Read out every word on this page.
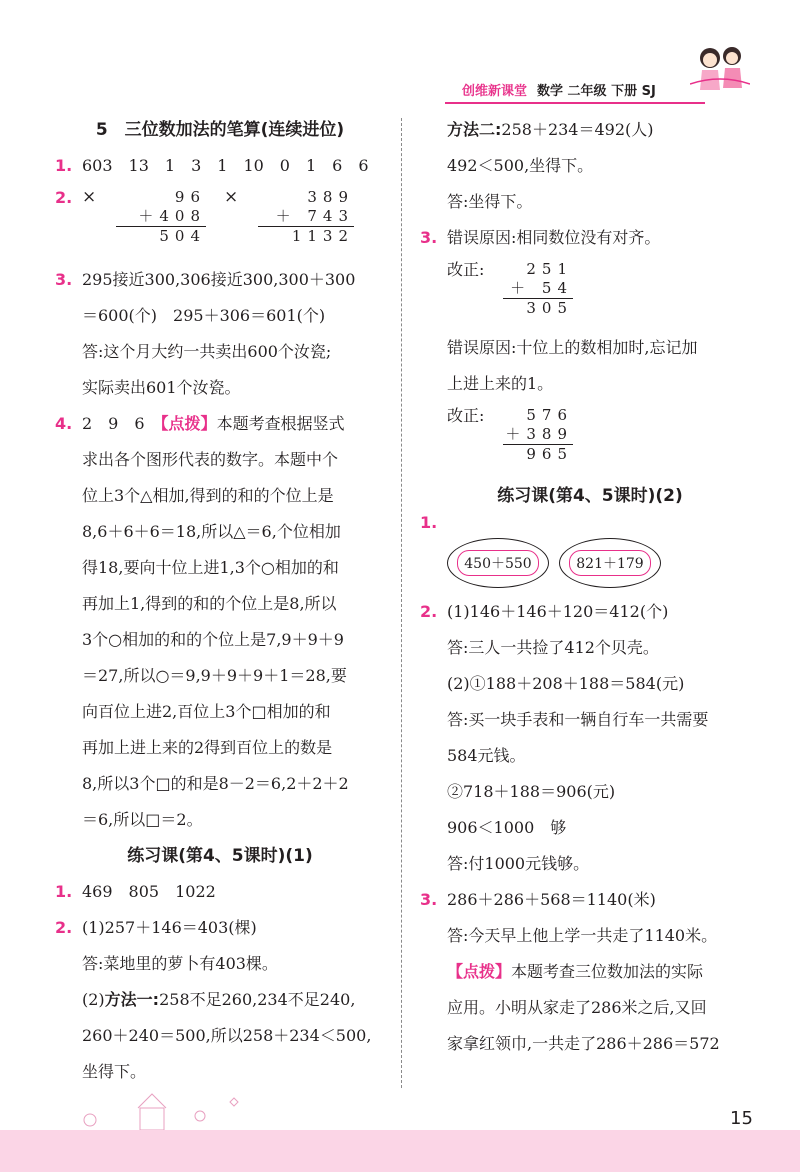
创维新课堂 数学 二年级 下册 SJ
5　三位数加法的笔算(连续进位)
1. 603　13　1　3　1　10　0　1　6　6
2. ×	96
＋408
504
×	389
＋ 743
1132
3. 295接近300,306接近300,300＋300
＝600(个)　295＋306＝601(个)
答:这个月大约一共卖出600个汝瓷;
实际卖出601个汝瓷。
4. 2　9　6　【点拨】本题考查根据竖式
求出各个图形代表的数字。本题中个
位上3个△相加,得到的和的个位上是
8,6＋6＋6＝18,所以△＝6,个位相加
得18,要向十位上进1,3个○相加的和
再加上1,得到的和的个位上是8,所以
3个○相加的和的个位上是7,9＋9＋9
＝27,所以○＝9,9＋9＋9＋1＝28,要
向百位上进2,百位上3个□相加的和
再加上进上来的2得到百位上的数是
8,所以3个□的和是8－2＝6,2＋2＋2
＝6,所以□＝2。
练习课(第4、5课时)(1)
1. 469　805　1022
2. (1)257＋146＝403(棵)
答:菜地里的萝卜有403棵。
(2)方法一:258不足260,234不足240,
260＋240＝500,所以258＋234＜500,
坐得下。
方法二:258＋234＝492(人)
492＜500,坐得下。
答:坐得下。
3. 错误原因:相同数位没有对齐。
改正:	251
＋ 54
305
错误原因:十位上的数相加时,忘记加
上进上来的1。
改正:	576
＋389
965
练习课(第4、5课时)(2)
1.
450＋550	821＋179
2. (1)146＋146＋120＝412(个)
答:三人一共捡了412个贝壳。
(2)①188＋208＋188＝584(元)
答:买一块手表和一辆自行车一共需要
584元钱。
②718＋188＝906(元)
906＜1000　够
答:付1000元钱够。
3. 286＋286＋568＝1140(米)
答:今天早上他上学一共走了1140米。
【点拨】本题考查三位数加法的实际
应用。小明从家走了286米之后,又回
家拿红领巾,一共走了286＋286＝572
15
